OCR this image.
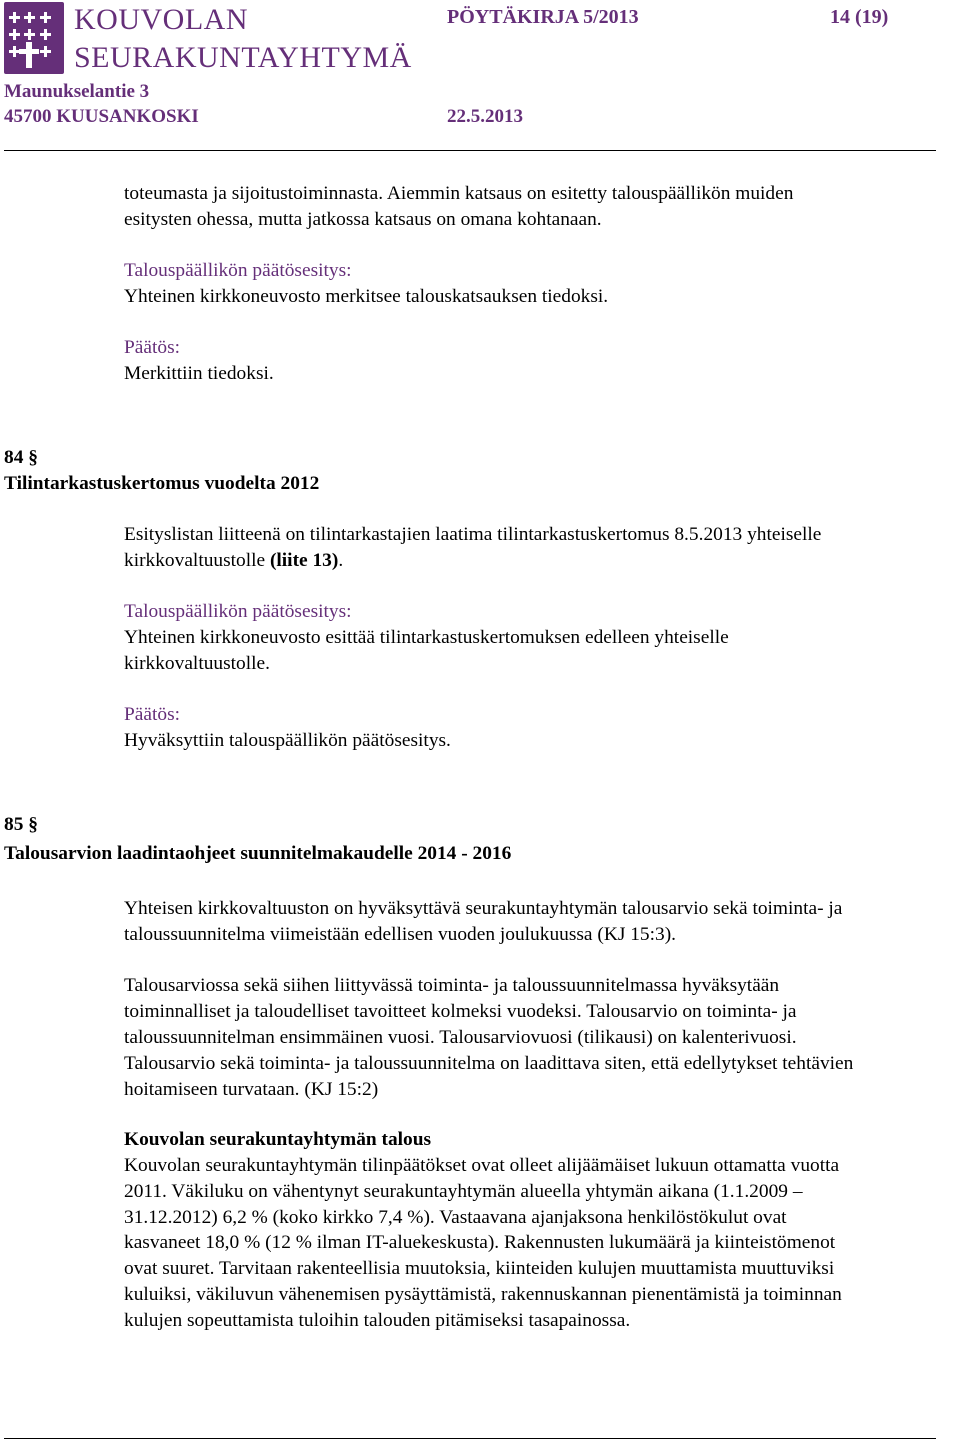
KOUVOLAN
SEURAKUNTAYHTYMÄ
Maunukselantie 3
45700 KUUSANKOSKI	22.5.2013
PÖYTÄKIRJA 5/2013	14 (19)
toteumasta ja sijoitustoiminnasta. Aiemmin katsaus on esitetty talouspäällikön muiden
esitysten ohessa, mutta jatkossa katsaus on omana kohtanaan.
Talouspäällikön päätösesitys:
Yhteinen kirkkoneuvosto merkitsee talouskatsauksen tiedoksi.
Päätös:
Merkittiin tiedoksi.
84 §
Tilintarkastuskertomus vuodelta 2012
Esityslistan liitteenä on tilintarkastajien laatima tilintarkastuskertomus 8.5.2013 yhteiselle
kirkkovaltuustolle (liite 13).
Talouspäällikön päätösesitys:
Yhteinen kirkkoneuvosto esittää tilintarkastuskertomuksen edelleen yhteiselle
kirkkovaltuustolle.
Päätös:
Hyväksyttiin talouspäällikön päätösesitys.
85 §
Talousarvion laadintaohjeet suunnitelmakaudelle 2014 - 2016
Yhteisen kirkkovaltuuston on hyväksyttävä seurakuntayhtymän talousarvio sekä toiminta- ja
taloussuunnitelma viimeistään edellisen vuoden joulukuussa (KJ 15:3).
Talousarviossa sekä siihen liittyvässä toiminta- ja taloussuunnitelmassa hyväksytään
toiminnalliset ja taloudelliset tavoitteet kolmeksi vuodeksi. Talousarvio on toiminta- ja
taloussuunnitelman ensimmäinen vuosi. Talousarviovuosi (tilikausi) on kalenterivuosi.
Talousarvio sekä toiminta- ja taloussuunnitelma on laadittava siten, että edellytykset tehtävien
hoitamiseen turvataan. (KJ 15:2)
Kouvolan seurakuntayhtymän talous
Kouvolan seurakuntayhtymän tilinpäätökset ovat olleet alijäämäiset lukuun ottamatta vuotta
2011. Väkiluku on vähentynyt seurakuntayhtymän alueella yhtymän aikana (1.1.2009 –
31.12.2012) 6,2 % (koko kirkko 7,4 %). Vastaavana ajanjaksona henkilöstökulut ovat
kasvaneet 18,0 % (12 % ilman IT-aluekeskusta). Rakennusten lukumäärä ja kiinteistömenot
ovat suuret. Tarvitaan rakenteellisia muutoksia, kiinteiden kulujen muuttamista muuttuviksi
kuluiksi, väkiluvun vähenemisen pysäyttämistä, rakennuskannan pienentämistä ja toiminnan
kulujen sopeuttamista tuloihin talouden pitämiseksi tasapainossa.
